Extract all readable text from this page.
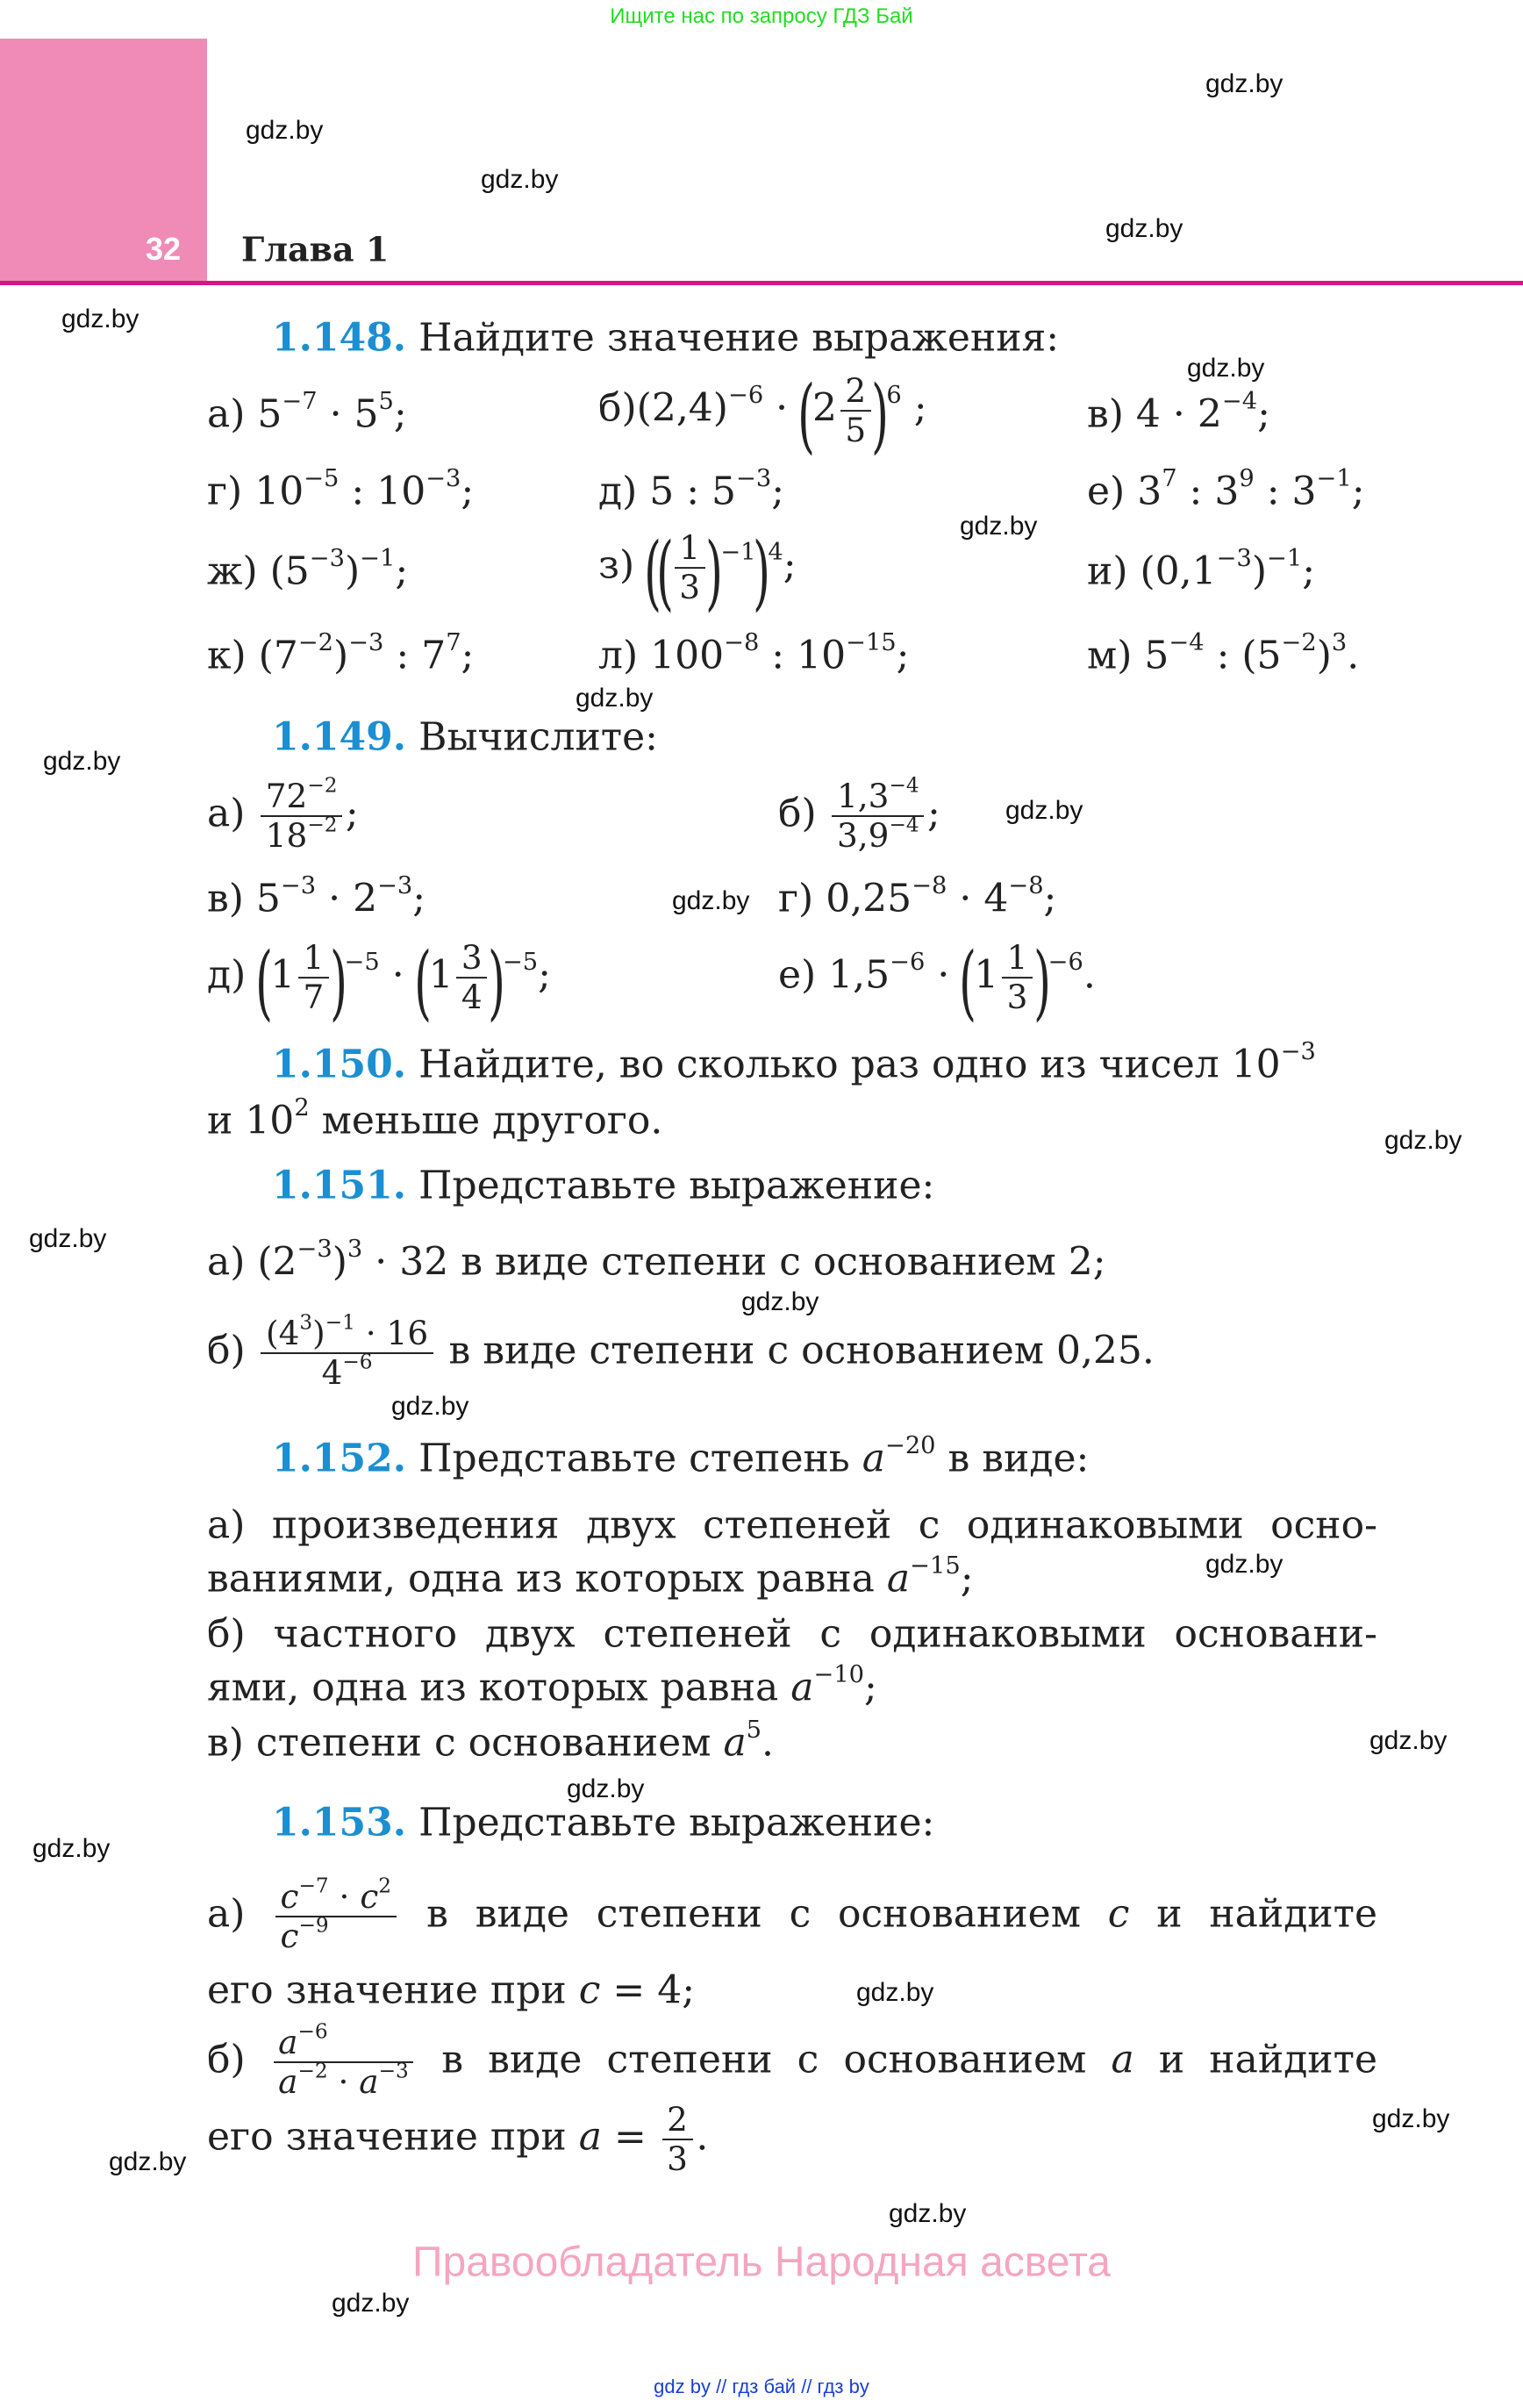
Ищите нас по запросу ГДЗ Бай
32 Глава 1
gdz.by
gdz.by
gdz.by
gdz.by
gdz.by
gdz.by
gdz.by
gdz.by
gdz.by
gdz.by
gdz.by
gdz.by
gdz.by
gdz.by
gdz.by
gdz.by
gdz.by
gdz.by
gdz.by
gdz.by
gdz.by
gdz.by
gdz.by
gdz.by
1.148. Найдите значение выражения:
а) $5^{-7} \cdot 5^5$;	$б)(2,4)^{-6} \cdot (2 \frac{2}{5} )^6$ ;	в) $4 \cdot 2^{-4}$;
г) $10^{-5}$ : $10^{-3}$;	д) 5 : $5^{-3}$;	е) $3^7$ : $3^9$ : $3^{-1}$;
ж) $(5^{-3})^{-1}$;	з) (( $\frac{1}{3} )^{-1})^4$;	и) $(0,1^{-3})^{-1}$;
к) $(7^{-2})^{-3}$ : $7^7$;	л) $100^{-8}$ : $10^{-15}$;	м) $5^{-4}$ : $(5^{-2})^3$.
1.149. Вычислите:
$а) \frac{72^{-2}}{18^{-2}}$ ;	$б) \frac{1,3^{-4}}{3,9^{-4}}$ ;
в) $5^{-3} \cdot 2^{-3}$;	г) $0,25^{-8} \cdot 4^{-8}$;
д) $(1 \frac{1}{7} )^{-5} \cdot (1 \frac{3}{4} )^{-5}$;	е) $1,5^{-6} \cdot (1 \frac{1}{3} )^{-6}$.
1.150. Найдите, во сколько раз одно из чисел $10^{-3}$
и $10^2$ меньше другого.
1.151. Представьте выражение:
а) $(2^{-3})^3 \cdot 32$ в виде степени с основанием 2;
$б) \frac{(4^3)^{-1} \cdot 16}{4^{-6}}$ в виде степени с основанием 0,25.
1.152. Представьте степень $a^{-20}$ в виде:
а) произведения двух степеней с одинаковыми осно-
ваниями, одна из которых равна $a^{-15}$;
б) частного двух степеней с одинаковыми основани-
ями, одна из которых равна $a^{-10}$;
в) степени с основанием $a^5$.
1.153. Представьте выражение:
$а) \frac{c^{-7} \cdot c^2}{c^{-9}}$ в виде степени с основанием c и найдите
его значение при c = 4;
$б) \frac{a^{-6}}{a^{-2} \cdot a^{-3}}$ в виде степени с основанием a и найдите
его значение при $a = \frac{2}{3}$ .
Правообладатель Народная асвета
gdz by // гдз бай // гдз by
